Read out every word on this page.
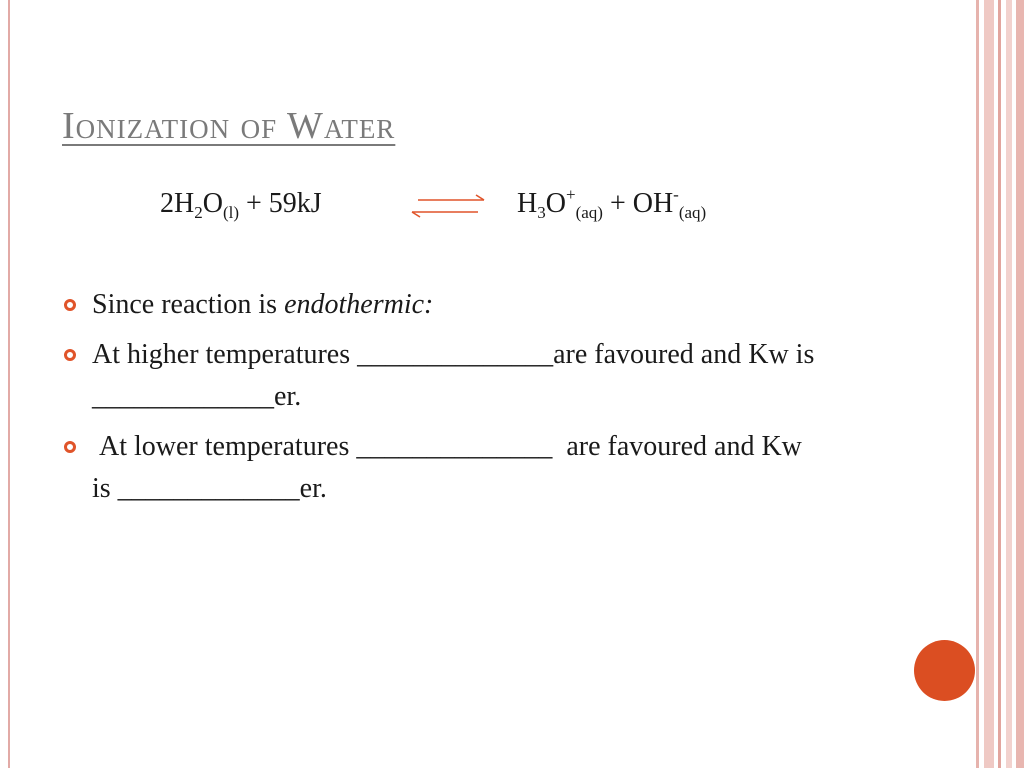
Ionization of Water
$2H_2O_{(l)} + 59kJ$	⇌ $H_3O^+_{(aq)} + OH^-_{(aq)}$
Since reaction is endothermic:
At higher temperatures ______________are favoured and Kw is _____________er.
At lower temperatures ______________  are favoured and Kw is _____________er.
